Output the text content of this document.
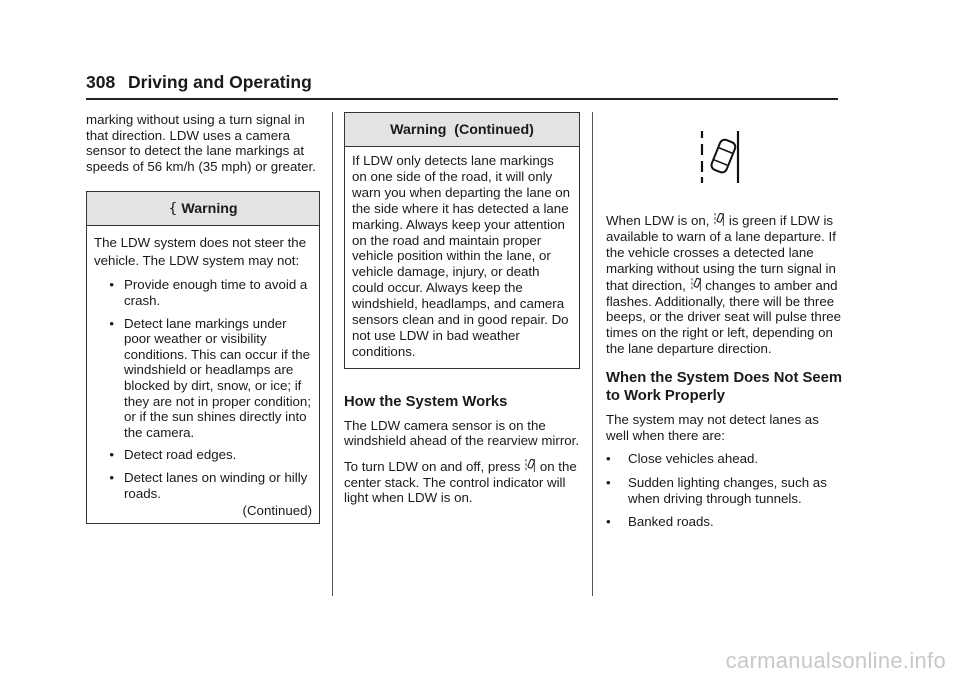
308 Driving and Operating

marking without using a turn signal in that direction. LDW uses a camera sensor to detect the lane markings at speeds of 56 km/h (35 mph) or greater.

{ Warning

The LDW system does not steer the vehicle. The LDW system may not:

• Provide enough time to avoid a crash.
• Detect lane markings under poor weather or visibility conditions. This can occur if the windshield or headlamps are blocked by dirt, snow, or ice; if they are not in proper condition; or if the sun shines directly into the camera.
• Detect road edges.
• Detect lanes on winding or hilly roads.
(Continued)
Warning  (Continued)

If LDW only detects lane markings on one side of the road, it will only warn you when departing the lane on the side where it has detected a lane marking. Always keep your attention on the road and maintain proper vehicle position within the lane, or vehicle damage, injury, or death could occur. Always keep the windshield, headlamps, and camera sensors clean and in good repair. Do not use LDW in bad weather conditions.

How the System Works

The LDW camera sensor is on the windshield ahead of the rearview mirror.

To turn LDW on and off, press on the center stack. The control indicator will light when LDW is on.

When LDW is on, is green if LDW is available to warn of a lane departure. If the vehicle crosses a detected lane marking without using the turn signal in that direction, changes to amber and flashes. Additionally, there will be three beeps, or the driver seat will pulse three times on the right or left, depending on the lane departure direction.

When the System Does Not Seem to Work Properly

The system may not detect lanes as well when there are:

•	Close vehicles ahead.
•	Sudden lighting changes, such as when driving through tunnels.
•	Banked roads.
carmanualsonline.info
